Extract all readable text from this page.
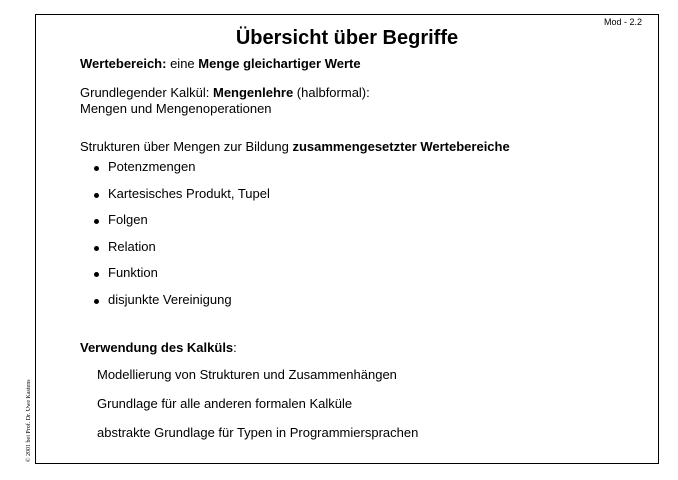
Mod - 2.2
Übersicht über Begriffe
Wertebereich: eine Menge gleichartiger Werte
Grundlegender Kalkül: Mengenlehre (halbformal):
Mengen und Mengenoperationen
Strukturen über Mengen zur Bildung zusammengesetzter Wertebereiche
Potenzmengen
Kartesisches Produkt, Tupel
Folgen
Relation
Funktion
disjunkte Vereinigung
Verwendung des Kalküls:
Modellierung von Strukturen und Zusammenhängen
Grundlage für alle anderen formalen Kalküle
abstrakte Grundlage für Typen in Programmiersprachen
© 2001 bei Prof. Dr. Uwe Kastens
